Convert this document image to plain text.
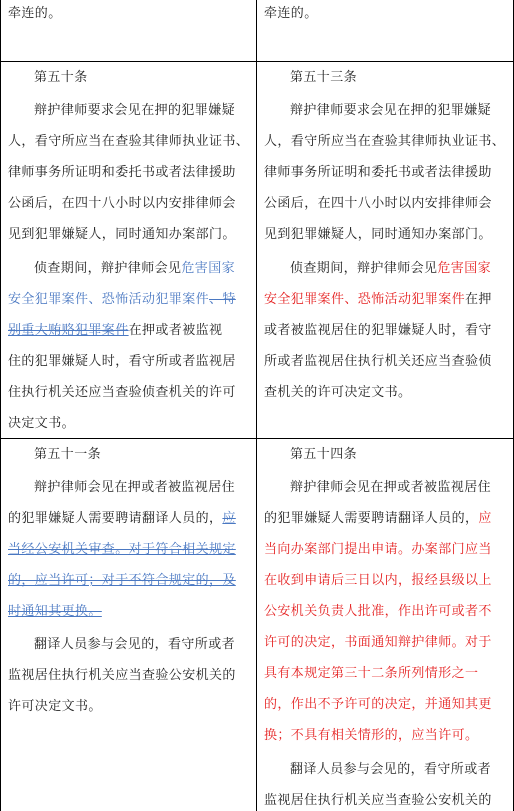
牵连的。	牵连的。
第五十条
辩护律师要求会见在押的犯罪嫌疑
人，看守所应当在查验其律师执业证书、
律师事务所证明和委托书或者法律援助
公函后，在四十八小时以内安排律师会
见到犯罪嫌疑人，同时通知办案部门。
侦查期间，辩护律师会见危害国家
安全犯罪案件、恐怖活动犯罪案件、特
别重大贿赂犯罪案件在押或者被监视
住的犯罪嫌疑人时，看守所或者监视居
住执行机关还应当查验侦查机关的许可
决定文书。
第五十三条
辩护律师要求会见在押的犯罪嫌疑
人，看守所应当在查验其律师执业证书、
律师事务所证明和委托书或者法律援助
公函后，在四十八小时以内安排律师会
见到犯罪嫌疑人，同时通知办案部门。
侦查期间，辩护律师会见危害国家
安全犯罪案件、恐怖活动犯罪案件在押
或者被监视居住的犯罪嫌疑人时，看守
所或者监视居住执行机关还应当查验侦
查机关的许可决定文书。
第五十一条
辩护律师会见在押或者被监视居住
的犯罪嫌疑人需要聘请翻译人员的，应
当经公安机关审查。对于符合相关规定
的，应当许可；对于不符合规定的，及
时通知其更换。
翻译人员参与会见的，看守所或者
监视居住执行机关应当查验公安机关的
许可决定文书。
第五十四条
辩护律师会见在押或者被监视居住
的犯罪嫌疑人需要聘请翻译人员的，应
当向办案部门提出申请。办案部门应当
在收到申请后三日以内，报经县级以上
公安机关负责人批准，作出许可或者不
许可的决定，书面通知辩护律师。对于
具有本规定第三十二条所列情形之一
的，作出不予许可的决定，并通知其更
换；不具有相关情形的，应当许可。
翻译人员参与会见的，看守所或者
监视居住执行机关应当查验公安机关的
